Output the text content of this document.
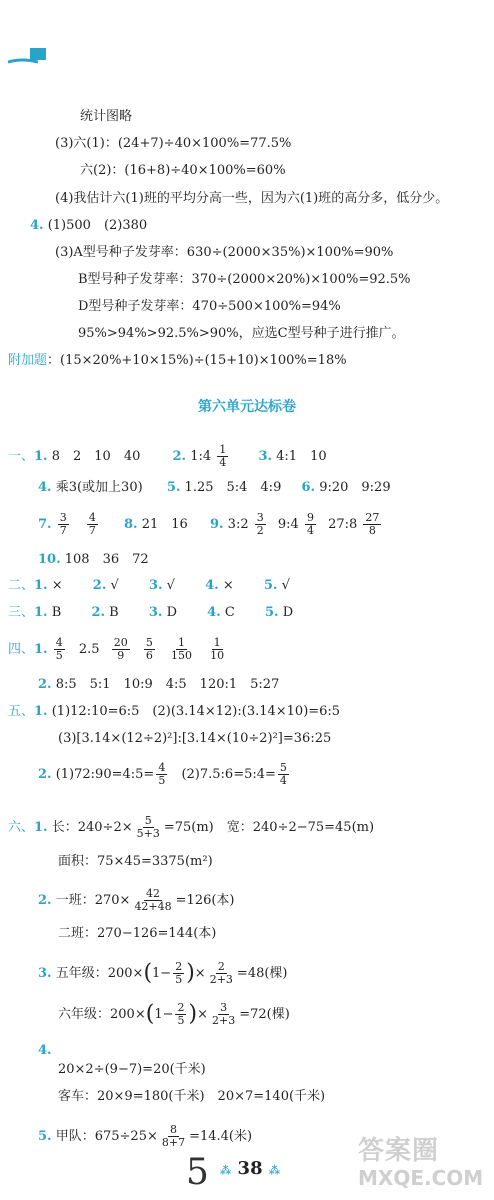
统计图略
(3)六(1)：(24+7)÷40×100%=77.5%
六(2)：(16+8)÷40×100%=60%
(4)我估计六(1)班的平均分高一些，因为六(1)班的高分多，低分少。
4. (1)500　(2)380
(3)A型号种子发芽率：630÷(2000×35%)×100%=90%
B型号种子发芽率：370÷(2000×20%)×100%=92.5%
D型号种子发芽率：470÷500×100%=94%
95%>94%>92.5%>90%，应选C型号种子进行推广。
附加题：(15×20%+10×15%)÷(15+10)×100%=18%
第六单元达标卷
一、1. 8　2　10　40 2. 1:4 $\frac{1}{4} 3$. 4:1　10
4. 乘3(或加上30) 5. 1.25　5:4　4:9 6. 9:20　9:29
7. $\frac{3}{7}$
$\frac{4}{7} 8$. 21　16 9. 3:2 $\frac{3}{2}$ 9:4 $\frac{9}{4}$ 27:8 $\frac{27}{8}$
10. 108　36　72
二、1. × 2. √ 3. √ 4. × 5. √
三、1. B 2. B 3. D 4. C 5. D
四、1. $\frac{4}{5} 2.5 \frac{20}{9}$
$\frac{5}{6}$
$\frac{1}{150}$
$\frac{1}{10}$
2. 8:5　5:1　10:9　4:5　120:1　5:27
五、1. (1)12:10=6:5　(2)(3.14×12):(3.14×10)=6:5
(3)[3.14×(12÷2)²]:[3.14×(10÷2)²]=36:25
2. (1)72:90=4:5= $\frac{4}{5}$ (2)7.5:6=5:4= $\frac{5}{4}$
六、1. 长：$240\div 2\times \frac{5}{5+3} =75(m)$　宽：240÷2−75=45(m)
面积：75×45=3375(m²)
2. 一班：$270\times \frac{42}{42+48} =126$(本)
二班：270−126=144(本)
3. 五年级：$200\times(1- \frac{2}{5}$ )× $\frac{2}{2+3} =48$(棵)
六年级：$200\times(1- \frac{2}{5}$ )× $\frac{3}{2+3} =72$(棵)
4.
20×2÷(9−7)=20(千米)
客车：20×9=180(千米)　20×7=140(千米)
5. 甲队：$675\div 25\times \frac{8}{8+7} =14.4$(米)
5 ⁂ 38 ⁂
答案圈
MXQE.COM
